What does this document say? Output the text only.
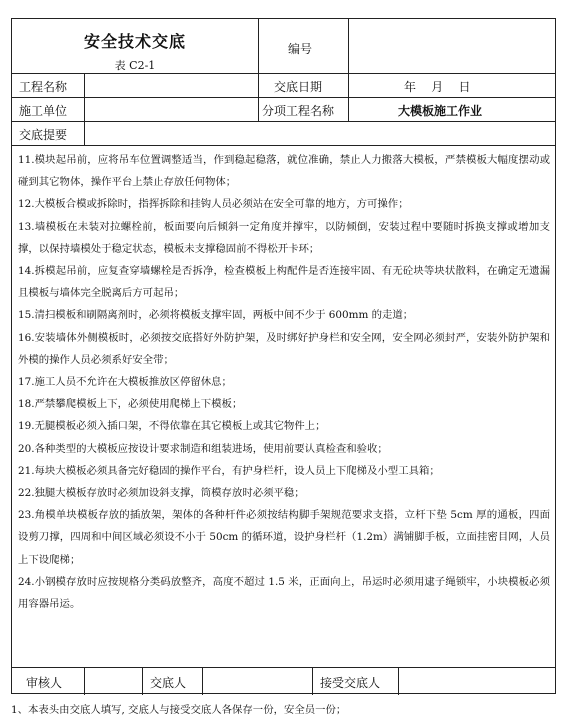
安全技术交底
表 C2-1
编号
工程名称	交底日期	年    月    日
施工单位	分项工程名称	大模板施工作业
交底提要

11.模块起吊前，应将吊车位置调整适当，作到稳起稳落，就位准确，禁止人力搬落大模板，严禁模板大幅度摆动或碰到其它物体，操作平台上禁止存放任何物体；

12.大模板合模或拆除时，指挥拆除和挂钩人员必须站在安全可靠的地方，方可操作；

13.墙模板在未装对拉螺栓前，板面要向后倾斜一定角度并撑牢，以防倾倒，安装过程中要随时拆换支撑或增加支撑，以保持墙模处于稳定状态，模板未支撑稳固前不得松开卡环；

14.拆模起吊前，应复查穿墙螺栓是否拆净，检查模板上构配件是否连接牢固、有无砼块等块状散料，在确定无遗漏且模板与墙体完全脱离后方可起吊；

15.清扫模板和刷隔离剂时，必须将模板支撑牢固，两板中间不少于 600mm 的走道；

16.安装墙体外侧模板时，必须按交底搭好外防护架，及时绑好护身栏和安全网，安全网必须封严，安装外防护架和外模的操作人员必须系好安全带；

17.施工人员不允许在大模板推放区停留休息；

18.严禁攀爬模板上下，必须使用爬梯上下模板；

19.无腿模板必须入插口架，不得依靠在其它模板上或其它物件上；

20.各种类型的大模板应按设计要求制造和组装进场，使用前要认真检查和验收；

21.每块大模板必须具备完好稳固的操作平台，有护身栏杆，设人员上下爬梯及小型工具箱；

22.独腿大模板存放时必须加设斜支撑，筒模存放时必须平稳；

23.角模单块模板存放的插放架，架体的各种杆件必须按结构脚手架规范要求支搭，立杆下垫 5cm 厚的通板，四面设剪刀撑，四周和中间区域必须设不小于 50cm 的循环道，设护身栏杆（1.2m）满铺脚手板，立面挂密目网，人员上下设爬梯；

24.小钢模存放时应按规格分类码放整齐，高度不超过 1.5 米，正面向上，吊运时必须用逮子绳锁牢，小块模板必须用容器吊运。

审核人	交底人	接受交底人
1、本表头由交底人填写, 交底人与接受交底人各保存一份，安全员一份；
